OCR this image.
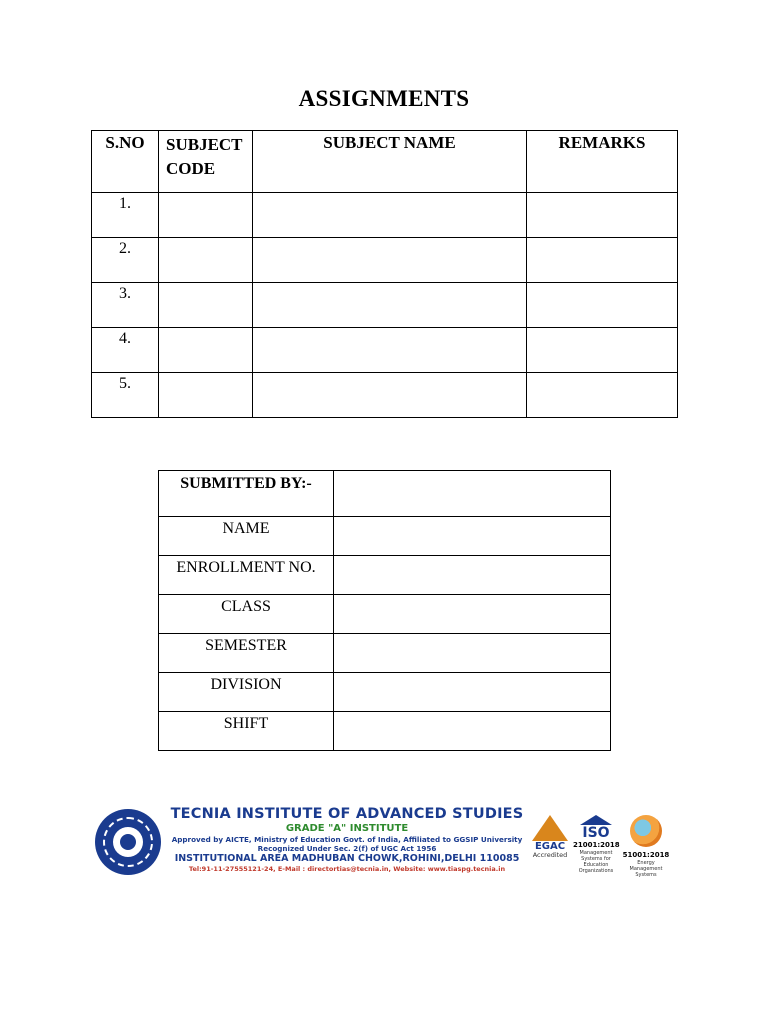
ASSIGNMENTS
S.NO	SUBJECT CODE	SUBJECT NAME	REMARKS
1.			
2.			
3.			
4.			
5.			
SUBMITTED BY:-	
NAME	
ENROLLMENT NO.	
CLASS	
SEMESTER	
DIVISION	
SHIFT	
TECNIA INSTITUTE OF ADVANCED STUDIES
GRADE "A" INSTITUTE
Approved by AICTE, Ministry of Education Govt. of India, Affiliated to GGSIP University
Recognized Under Sec. 2(f) of UGC Act 1956
INSTITUTIONAL AREA MADHUBAN CHOWK,ROHINI,DELHI 110085
Tel:91-11-27555121-24, E-Mail : directortias@tecnia.in, Website: www.tiaspg.tecnia.in
EGAC
Accredited
ISO
21001:2018
Management Systems for Education Organizations
51001:2018
Energy Management Systems
